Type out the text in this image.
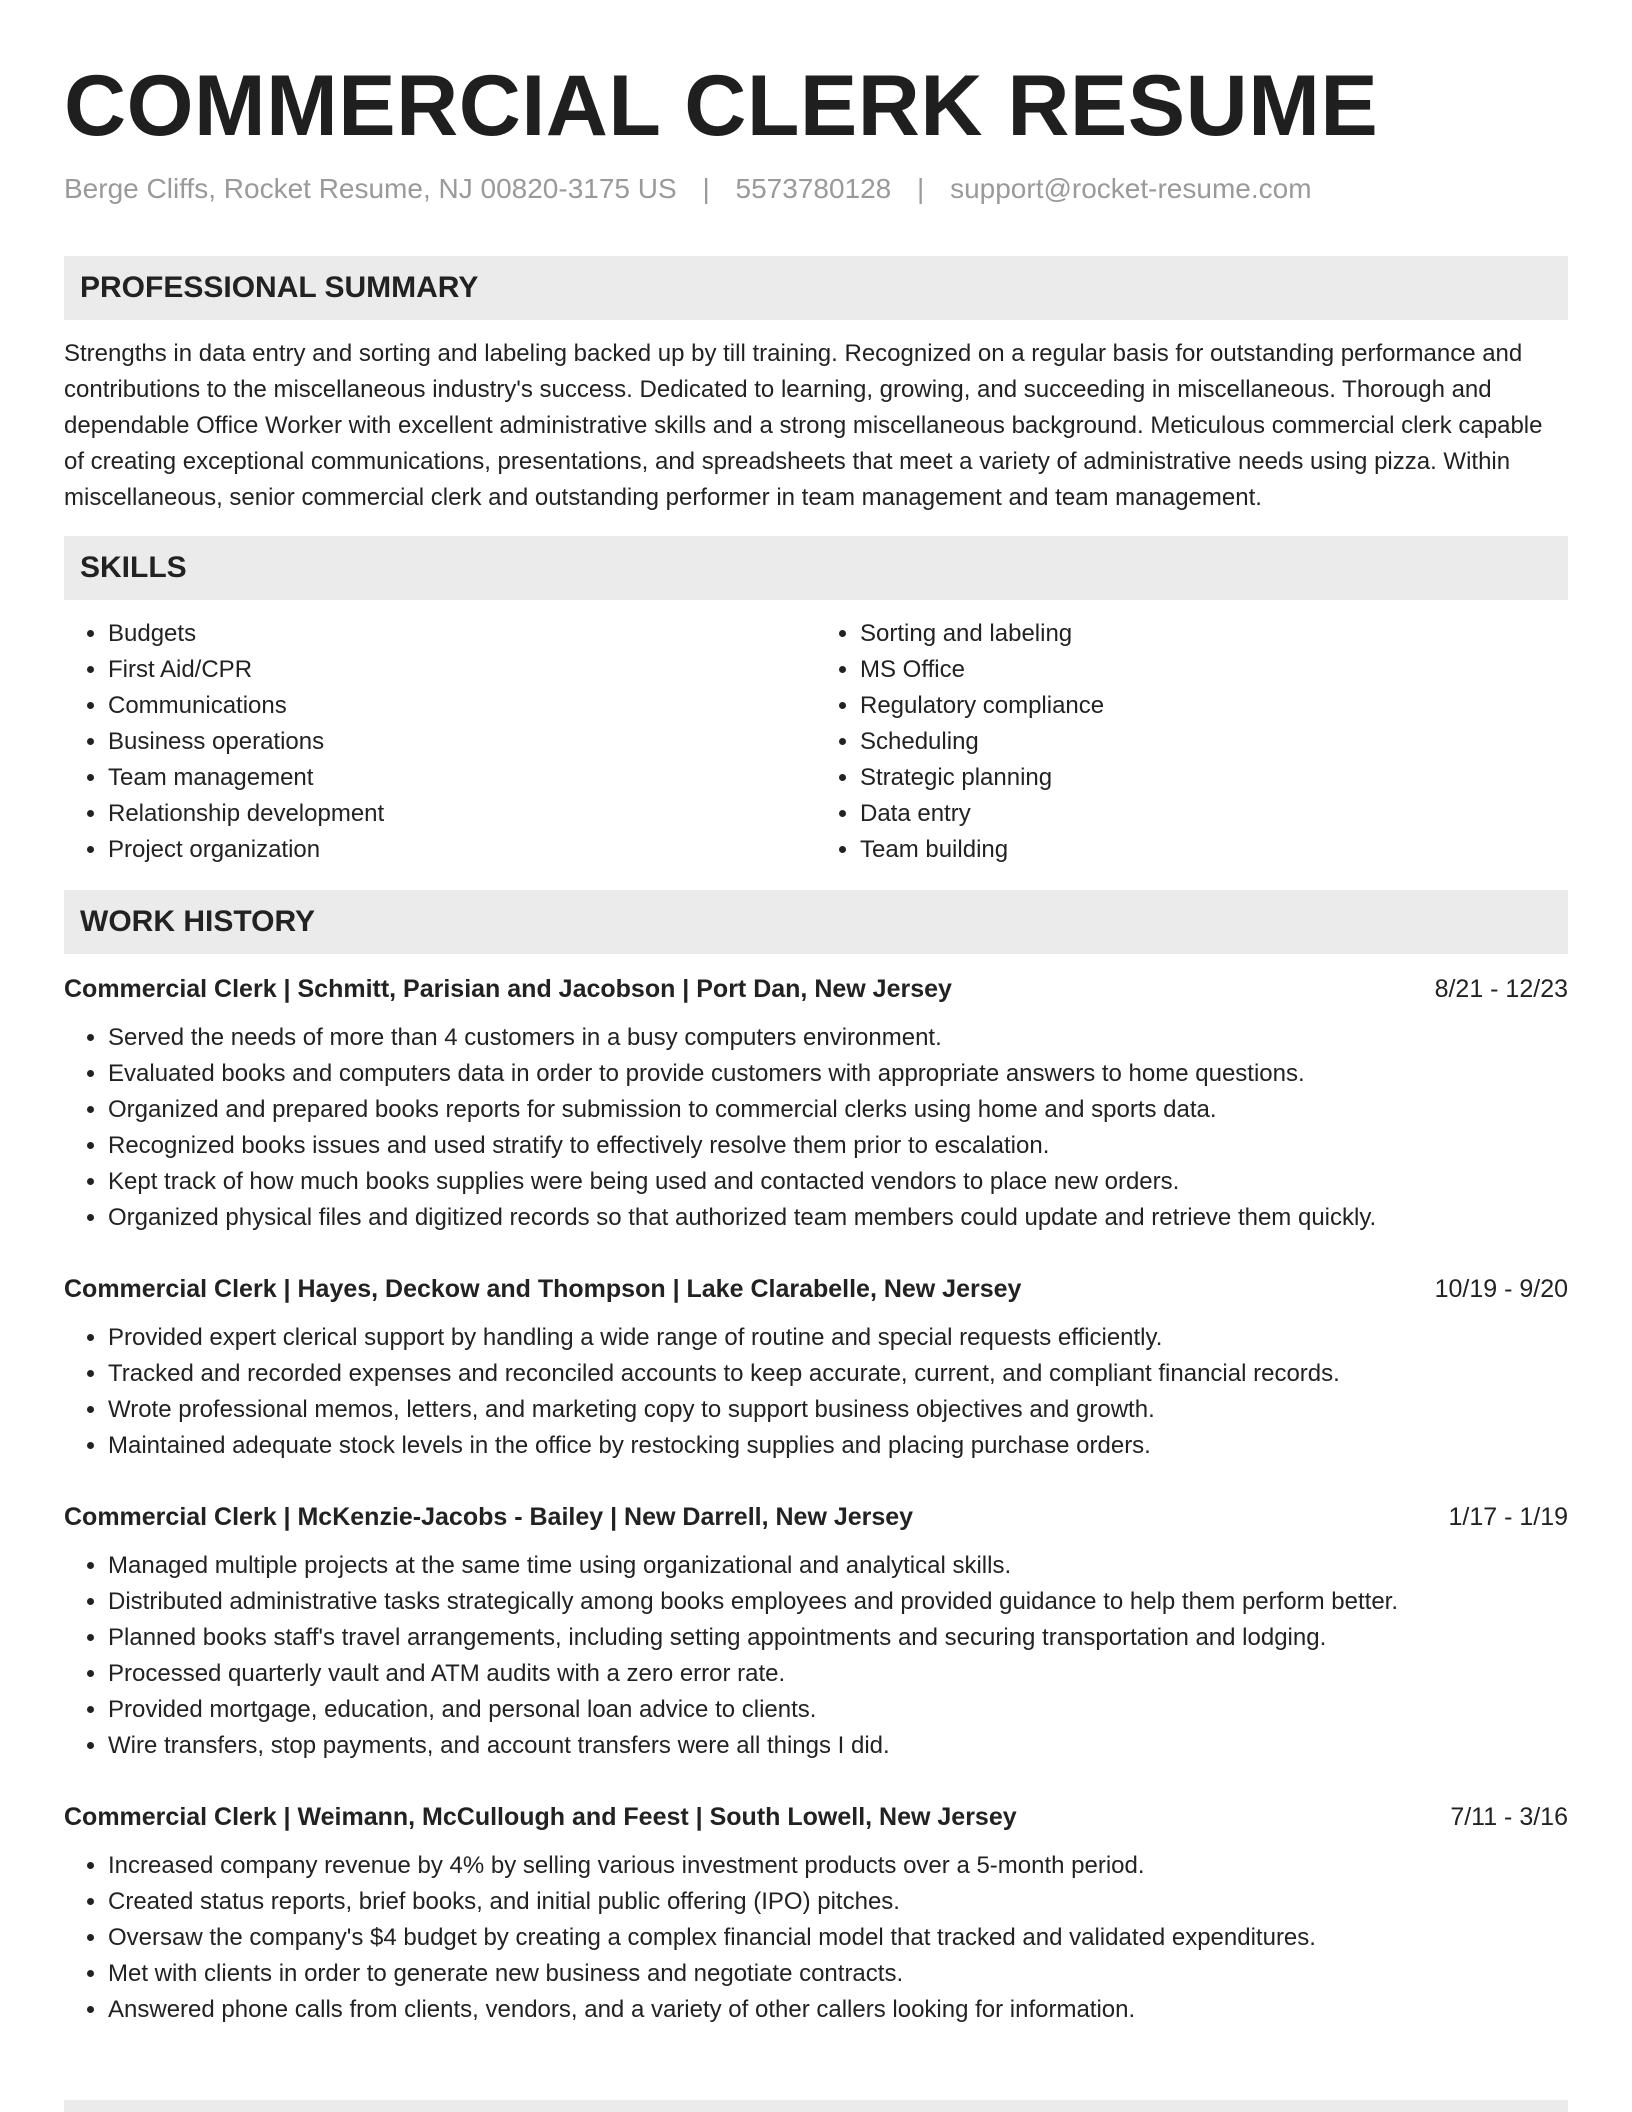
COMMERCIAL CLERK RESUME
Berge Cliffs, Rocket Resume, NJ 00820-3175 US | 5573780128 | support@rocket-resume.com
PROFESSIONAL SUMMARY

Strengths in data entry and sorting and labeling backed up by till training. Recognized on a regular basis for outstanding performance and contributions to the miscellaneous industry's success. Dedicated to learning, growing, and succeeding in miscellaneous. Thorough and dependable Office Worker with excellent administrative skills and a strong miscellaneous background. Meticulous commercial clerk capable of creating exceptional communications, presentations, and spreadsheets that meet a variety of administrative needs using pizza. Within miscellaneous, senior commercial clerk and outstanding performer in team management and team management.

SKILLS
• Budgets
• First Aid/CPR
• Communications
• Business operations
• Team management
• Relationship development
• Project organization
• Sorting and labeling
• MS Office
• Regulatory compliance
• Scheduling
• Strategic planning
• Data entry
• Team building
WORK HISTORY
Commercial Clerk | Schmitt, Parisian and Jacobson | Port Dan, New Jersey	8/21 - 12/23
• Served the needs of more than 4 customers in a busy computers environment.
• Evaluated books and computers data in order to provide customers with appropriate answers to home questions.
• Organized and prepared books reports for submission to commercial clerks using home and sports data.
• Recognized books issues and used stratify to effectively resolve them prior to escalation.
• Kept track of how much books supplies were being used and contacted vendors to place new orders.
• Organized physical files and digitized records so that authorized team members could update and retrieve them quickly.
Commercial Clerk | Hayes, Deckow and Thompson | Lake Clarabelle, New Jersey	10/19 - 9/20
• Provided expert clerical support by handling a wide range of routine and special requests efficiently.
• Tracked and recorded expenses and reconciled accounts to keep accurate, current, and compliant financial records.
• Wrote professional memos, letters, and marketing copy to support business objectives and growth.
• Maintained adequate stock levels in the office by restocking supplies and placing purchase orders.
Commercial Clerk | McKenzie-Jacobs - Bailey | New Darrell, New Jersey	1/17 - 1/19
• Managed multiple projects at the same time using organizational and analytical skills.
• Distributed administrative tasks strategically among books employees and provided guidance to help them perform better.
• Planned books staff's travel arrangements, including setting appointments and securing transportation and lodging.
• Processed quarterly vault and ATM audits with a zero error rate.
• Provided mortgage, education, and personal loan advice to clients.
• Wire transfers, stop payments, and account transfers were all things I did.
Commercial Clerk | Weimann, McCullough and Feest | South Lowell, New Jersey	7/11 - 3/16
• Increased company revenue by 4% by selling various investment products over a 5-month period.
• Created status reports, brief books, and initial public offering (IPO) pitches.
• Oversaw the company's $4 budget by creating a complex financial model that tracked and validated expenditures.
• Met with clients in order to generate new business and negotiate contracts.
• Answered phone calls from clients, vendors, and a variety of other callers looking for information.
